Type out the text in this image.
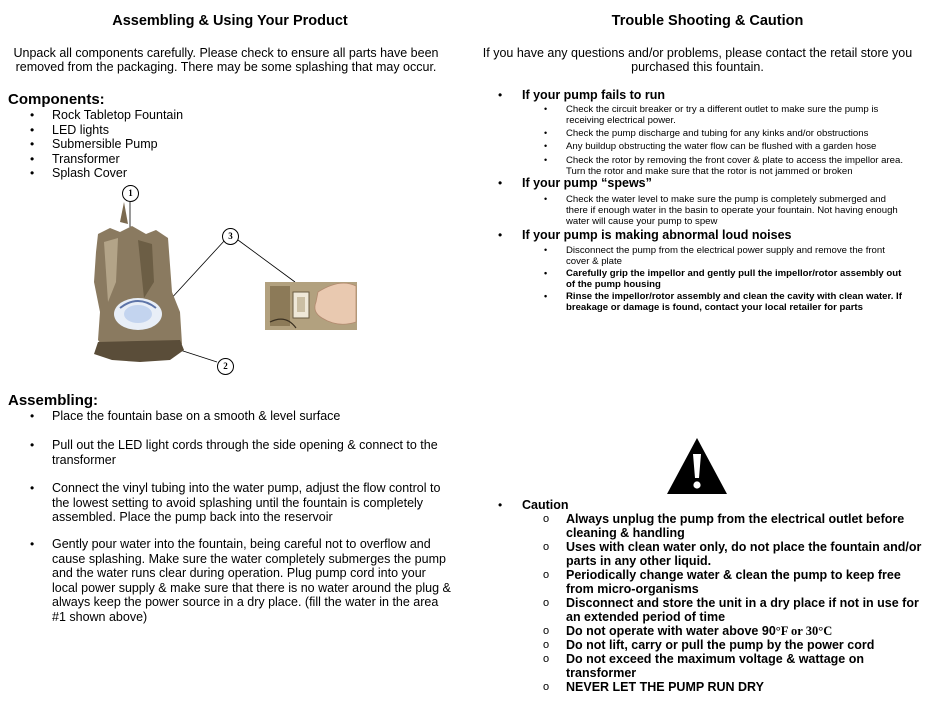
Assembling & Using Your Product
Unpack all components carefully. Please check to ensure all parts have been
removed from the packaging. There may be some splashing that may occur.
Components:
• Rock Tabletop Fountain
• LED lights
• Submersible Pump
• Transformer
• Splash Cover
1
3
2
Assembling:
• Place the fountain base on a smooth & level surface
• Pull out the LED light cords through the side opening & connect to the
transformer
• Connect the vinyl tubing into the water pump, adjust the flow control to
the lowest setting to avoid splashing until the fountain is completely
assembled. Place the pump back into the reservoir
• Gently pour water into the fountain, being careful not to overflow and
cause splashing. Make sure the water completely submerges the pump
and the water runs clear during operation. Plug pump cord into your
local power supply & make sure that there is no water around the plug &
always keep the power source in a dry place. (fill the water in the area
#1 shown above)
Trouble Shooting & Caution
If you have any questions and/or problems, please contact the retail store you
purchased this fountain.
• If your pump fails to run
• Check the circuit breaker or try a different outlet to make sure the pump is
receiving electrical power.
• Check the pump discharge and tubing for any kinks and/or obstructions
• Any buildup obstructing the water flow can be flushed with a garden hose
• Check the rotor by removing the front cover & plate to access the impellor area.
Turn the rotor and make sure that the rotor is not jammed or broken
• If your pump “spews”
• Check the water level to make sure the pump is completely submerged and
there if enough water in the basin to operate your fountain. Not having enough
water will cause your pump to spew
• If your pump is making abnormal loud noises
• Disconnect the pump from the electrical power supply and remove the front
cover & plate
• Carefully grip the impellor and gently pull the impellor/rotor assembly out
of the pump housing
• Rinse the impellor/rotor assembly and clean the cavity with clean water. If
breakage or damage is found, contact your local retailer for parts
• Caution
o Always unplug the pump from the electrical outlet before
cleaning & handling
o Uses with clean water only, do not place the fountain and/or
parts in any other liquid.
o Periodically change water & clean the pump to keep free
from micro-organisms
o Disconnect and store the unit in a dry place if not in use for
an extended period of time
o Do not operate with water above 90°F or 30°C
o Do not lift, carry or pull the pump by the power cord
o Do not exceed the maximum voltage & wattage on
transformer
o NEVER LET THE PUMP RUN DRY
